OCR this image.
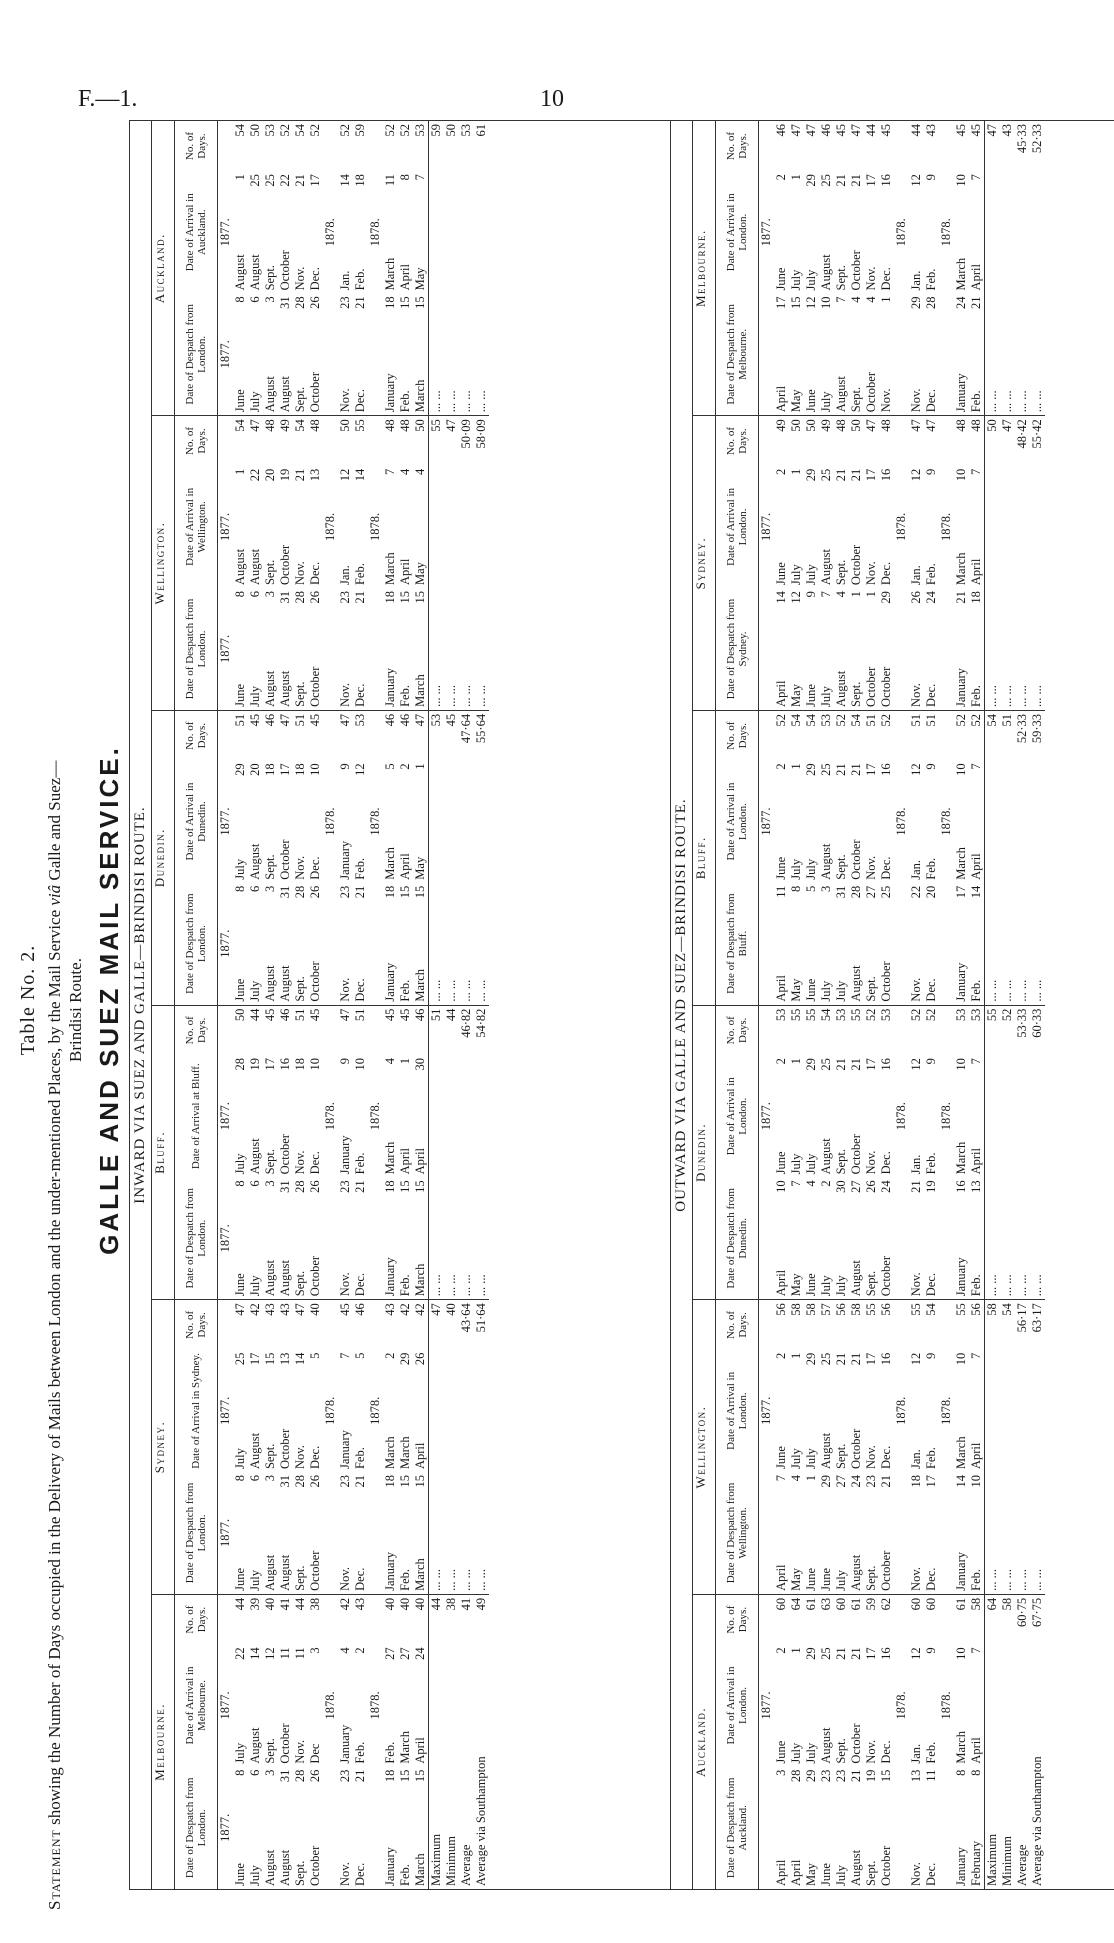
F.—1.	10

Table No. 2.

Statement showing the Number of Days occupied in the Delivery of Mails between London and the under-mentioned Places, by the Mail Service viâ Galle and Suez—
Brindisi Route. GALLE AND SUEZ MAIL SERVICE. INWARD VIA SUEZ AND GALLE—BRINDISI ROUTE.
Melbourne.					Sydney.					Bluff.					Dunedin.					Wellington.					Auckland.				
Date of Despatch from London.		Date of Arrival in Melbourne.		No. of Days.	Date of Despatch from London.		Date of Arrival in Sydney.		No. of Days.	Date of Despatch from London.		Date of Arrival at Bluff.		No. of Days.	Date of Despatch from London.		Date of Arrival in Dunedin.		No. of Days.	Date of Despatch from London.		Date of Arrival in Wellington.		No. of Days.	Date of Despatch from London.		Date of Arrival in Auckland.		No. of Days.
1877.		1877.			1877.		1877.			1877.		1877.			1877.		1877.			1877.		1877.			1877.		1877.		
June	8	July	22	44	June	8	July	25	47	June	8	July	28	50	June	8	July	29	51	June	8	August	1	54	June	8	August	1	54
July	6	August	14	39	July	6	August	17	42	July	6	August	19	44	July	6	August	20	45	July	6	August	22	47	July	6	August	25	50
August	3	Sept.	12	40	August	3	Sept.	15	43	August	3	Sept.	17	45	August	3	Sept.	18	46	August	3	Sept.	20	48	August	3	Sept.	25	53
August	31	October	11	41	August	31	October	13	43	August	31	October	16	46	August	31	October	17	47	August	31	October	19	49	August	31	October	22	52
Sept.	28	Nov.	11	44	Sept.	28	Nov.	14	47	Sept.	28	Nov.	18	51	Sept.	28	Nov.	18	51	Sept.	28	Nov.	21	54	Sept.	28	Nov.	21	54
October	26	Dec	3	38	October	26	Dec.	5	40	October	26	Dec.	10	45	October	26	Dec.	10	45	October	26	Dec.	13	48	October	26	Dec.	17	52
		1878.					1878.					1878.					1878.					1878.					1878.		
Nov.	23	January	4	42	Nov.	23	January	7	45	Nov.	23	January	9	47	Nov.	23	January	9	47	Nov.	23	Jan.	12	50	Nov.	23	Jan.	14	52
Dec.	21	Feb.	2	43	Dec.	21	Feb.	5	46	Dec.	21	Feb.	10	51	Dec.	21	Feb.	12	53	Dec.	21	Feb.	14	55	Dec.	21	Feb.	18	59
		1878.					1878.					1878.					1878.					1878.					1878.		
January	18	Feb.	27	40	January	18	March	2	43	January	18	March	4	45	January	18	March	5	46	January	18	March	7	48	January	18	March	11	52
Feb.	15	March	27	40	Feb.	15	March	29	42	Feb.	15	April	1	45	Feb.	15	April	2	46	Feb.	15	April	4	48	Feb.	15	April	8	52
March	15	April	24	40	March	15	April	26	42	March	15	April	30	46	March	15	May	1	47	March	15	May	4	50	March	15	May	7	53
Maximum				44	... ...				47	... ...				51	... ...				53	... ...				55	... ...				59
Minimum				38	... ...				40	... ...				44	... ...				45	... ...				47	... ...				50
Average				41	... ...				43·64	... ...				46·82	... ...				47·64	... ...				50·09	... ...				53
Average via Southampton				49	... ...				51·64	... ...				54·82	... ...				55·64	... ...				58·09	... ...				61
OUTWARD VIA GALLE AND SUEZ—BRINDISI ROUTE.
Auckland.					Wellington.					Dunedin.					Bluff.					Sydney.					Melbourne.				
Date of Despatch from Auckland.		Date of Arrival in London.		No. of Days.	Date of Despatch from Wellington.		Date of Arrival in London.		No. of Days.	Date of Despatch from Dunedin.		Date of Arrival in London.		No. of Days.	Date of Despatch from Bluff.		Date of Arrival in London.		No. of Days.	Date of Despatch from Sydney.		Date of Arrival in London.		No. of Days.	Date of Despatch from Melbourne.		Date of Arrival in London.		No. of Days.
		1877.					1877.					1877.					1877.					1877.					1877.		
April	3	June	2	60	April	7	June	2	56	April	10	June	2	53	April	11	June	2	52	April	14	June	2	49	April	17	June	2	46
April	28	July	1	64	May	4	July	1	58	May	7	July	1	55	May	8	July	1	54	May	12	July	1	50	May	15	July	1	47
May	29	July	29	61	June	1	July	29	58	June	4	July	29	55	June	5	July	29	54	June	9	July	29	50	June	12	July	29	47
June	23	August	25	63	June	29	August	25	57	July	2	August	25	54	July	3	August	25	53	July	7	August	25	49	July	10	August	25	46
July	23	Sept.	21	60	July	27	Sept.	21	56	July	30	Sept.	21	53	July	31	Sept.	21	52	August	4	Sept.	21	48	August	7	Sept.	21	45
August	21	October	21	61	August	24	October	21	58	August	27	October	21	55	August	28	October	21	54	Sept.	1	October	21	50	Sept.	4	October	21	47
Sept.	19	Nov.	17	59	Sept.	23	Nov.	17	55	Sept.	26	Nov.	17	52	Sept.	27	Nov.	17	51	October	1	Nov.	17	47	October	4	Nov.	17	44
October	15	Dec.	16	62	October	21	Dec.	16	56	October	24	Dec.	16	53	October	25	Dec.	16	52	October	29	Dec.	16	48	Nov.	1	Dec.	16	45
		1878.					1878.					1878.					1878.					1878.					1878.		
Nov.	13	Jan.	12	60	Nov.	18	Jan.	12	55	Nov.	21	Jan.	12	52	Nov.	22	Jan.	12	51	Nov.	26	Jan.	12	47	Nov.	29	Jan.	12	44
Dec.	11	Feb.	9	60	Dec.	17	Feb.	9	54	Dec.	19	Feb.	9	52	Dec.	20	Feb.	9	51	Dec.	24	Feb.	9	47	Dec.	28	Feb.	9	43
		1878.					1878.					1878.					1878.					1878.					1878.		
January	8	March	10	61	January	14	March	10	55	January	16	March	10	53	January	17	March	10	52	January	21	March	10	48	January	24	March	10	45
February	8	April	7	58	Feb.	10	April	7	56	Feb.	13	April	7	53	Feb.	14	April	7	52	Feb.	18	April	7	48	Feb.	21	April	7	45
Maximum				64	... ...				58	... ...				55	... ...				54	... ...				50	... ...				47
Minimum				58	... ...				54	... ...				52	... ...				51	... ...				47	... ...				43
Average				60·75	... ...				56·17	... ...				53·33	... ...				52·33	... ...				48·42	... ...				45·33
Average via Southampton				67·75	... ...				63·17	... ...				60·33	... ...				59·33	... ...				55·42	... ...				52·33
